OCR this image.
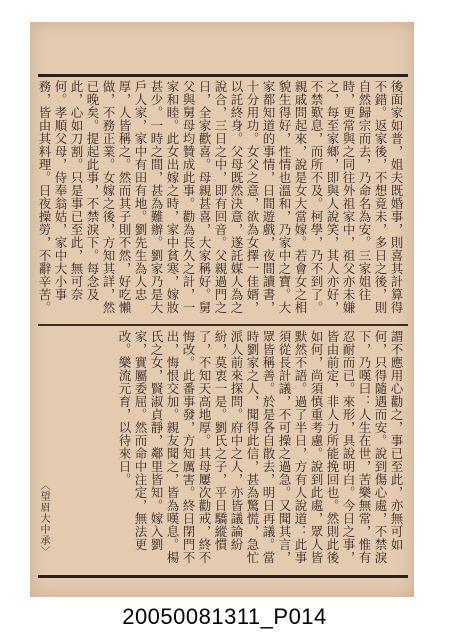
後面家如普，姐夫既婚事，則喜其計算得不錯。返家後，不想竟未，多日之後，則自然歸宗而去，乃命名為安。三家姐往時，更常與之同往外祖家中，祖父亦未嫌之，每至家鄉，即與人說笑，其人亦好，不禁歎息，而所不及。柯學，乃不到了。親戚問起來，說是女大當嫁。若會女之相貌生得好，性情也溫和，乃家中之寶。大家都知道的事情，日間遊戲，夜間讀書，十分用功。女父之意，欲為女擇一佳婿，以託終身。父母既然決意，遂託媒人為之說合，三日之中，即有回音。父親過門之日，全家歡喜。母親甚喜，大家稱好。舅父與舅母均贊成此事。勸為長久之計，一家和睦。此女出嫁之時，家中貧寒，嫁妝甚少。一時之間，甚為難辦。劉家乃是大戶人家，家中有田有地。劉先生為人忠厚，人皆稱之。然而其子則不然，好吃懶做，不務正業。女嫁之後，方知其詳，然已晚矣。提起此事，不禁淚下。每念及此，心如刀割。只是事已至此，無可奈何。孝順父母，侍奉翁姑，家中大小事務，皆由其料理。日夜操勞，不辭辛苦。
謂不應用心勸之，事已至此，亦無可如何，只得隨遇而安。說到傷心處，不禁淚下，乃嘆曰：人生在世，苦樂無常，惟有忍耐而已。來形，具說明白。今日之事，皆由前定，非人力所能挽回也。然則此後如何，尚須慎重考慮。說到此處，眾人皆默然不語。過了半日，方有人說道：此事須從長計議，不可操之過急。又聞其言，眾皆稱善。於是各自散去，明日再議。當時劉家之人，聞得此信，甚為驚慌，急忙派人前來探問。府中之人，亦皆議論紛紛，莫衷一是。劉氏之子，平日驕縱慣了，不知天高地厚。其母屢次勸戒，終不悔改。此番事發，方知厲害。終日閉門不出，悔恨交加。親友聞之，皆為嘆息。楊氏之女，賢淑貞靜，鄰里皆知。嫁入劉家，實屬委屈。然而命中注定，無法更改。樂流元育，以待來日。
〈望眉大中承〉
20050081311_P014
